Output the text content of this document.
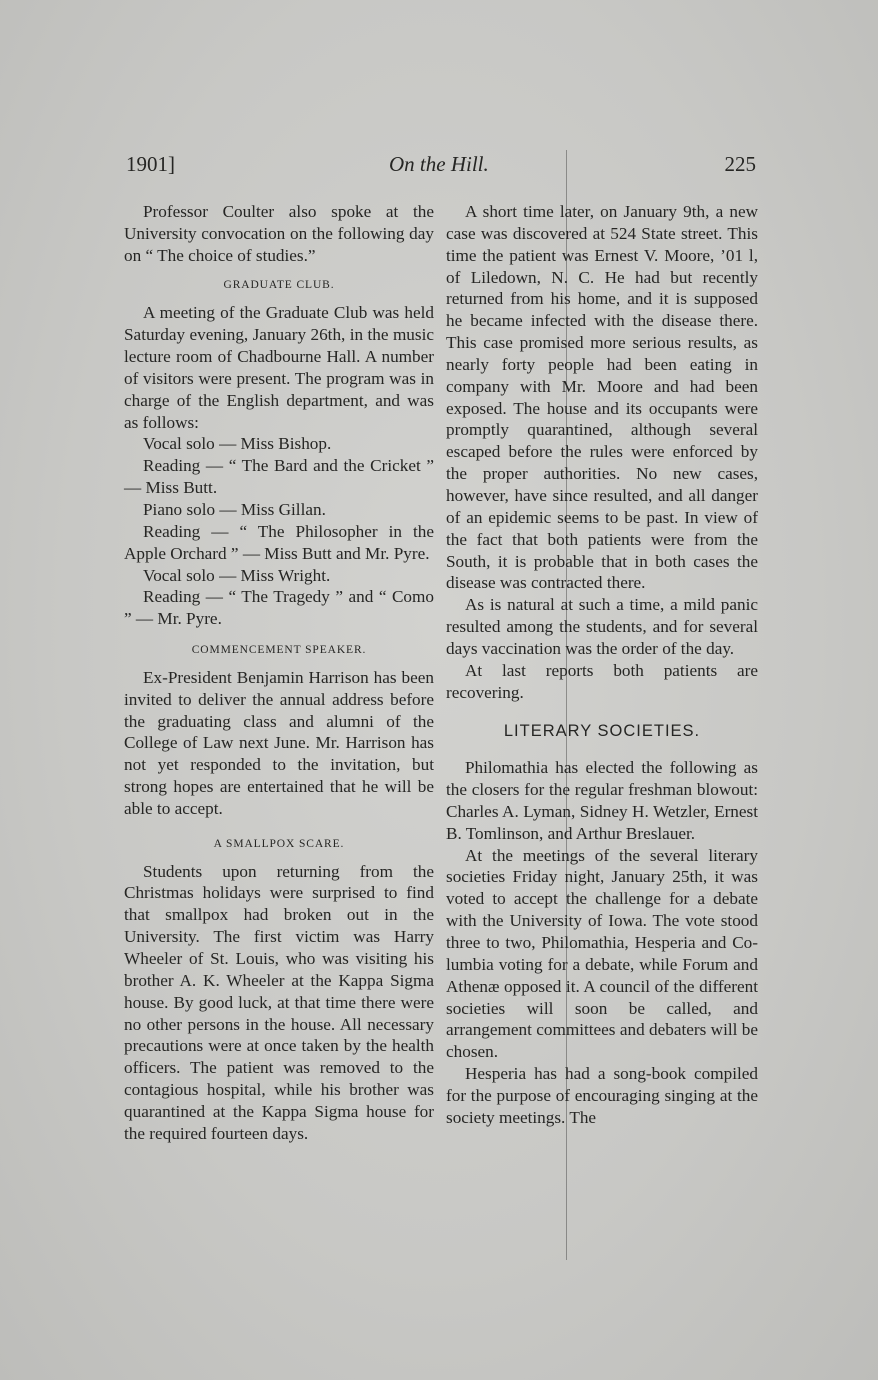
1901]	On the Hill.	225

Professor Coulter also spoke at the University convocation on the following day on “ The choice of studies.”

GRADUATE CLUB.

A meeting of the Graduate Club was held Saturday evening, January 26th, in the music lecture room of Chadbourne Hall. A number of visitors were present. The program was in charge of the English department, and was as follows:

Vocal solo — Miss Bishop.

Reading — “ The Bard and the Cricket ” — Miss Butt.

Piano solo — Miss Gillan.

Reading — “ The Philosopher in the Apple Orchard ” — Miss Butt and Mr. Pyre.

Vocal solo — Miss Wright.

Reading — “ The Tragedy ” and “ Como ” — Mr. Pyre.

COMMENCEMENT SPEAKER.

Ex-President Benjamin Harrison has been invited to deliver the annual address before the graduating class and alumni of the College of Law next June. Mr. Harrison has not yet responded to the invitation, but strong hopes are entertained that he will be able to accept.

A SMALLPOX SCARE.

Students upon returning from the Christmas holidays were surprised to find that smallpox had broken out in the University. The first victim was Harry Wheeler of St. Louis, who was visiting his brother A. K. Wheeler at the Kappa Sigma house. By good luck, at that time there were no other persons in the house. All necessary precautions were at once taken by the health officers. The patient was removed to the contagious hospital, while his brother was quarantined at the Kappa Sigma house for the required fourteen days.

A short time later, on January 9th, a new case was discovered at 524 State street. This time the patient was Ernest V. Moore, ’01 l, of Liledown, N. C. He had but recently returned from his home, and it is supposed he became infected with the disease there. This case promised more serious results, as nearly forty people had been eating in company with Mr. Moore and had been exposed. The house and its occupants were promptly quarantined, although several escaped before the rules were enforced by the proper authorities. No new cases, however, have since resulted, and all danger of an epidemic seems to be past. In view of the fact that both patients were from the South, it is probable that in both cases the disease was contracted there.

As is natural at such a time, a mild panic resulted among the students, and for several days vaccination was the order of the day.

At last reports both patients are recovering.

LITERARY SOCIETIES.

Philomathia has elected the following as the closers for the regular freshman blowout: Charles A. Lyman, Sidney H. Wetzler, Ernest B. Tomlinson, and Arthur Breslauer.

At the meetings of the several literary societies Friday night, January 25th, it was voted to accept the challenge for a debate with the University of Iowa. The vote stood three to two, Philomathia, Hesperia and Columbia voting for a debate, while Forum and Athenæ opposed it. A council of the different societies will soon be called, and arrangement committees and debaters will be chosen.

Hesperia has had a song-book compiled for the purpose of encouraging singing at the society meetings. The
